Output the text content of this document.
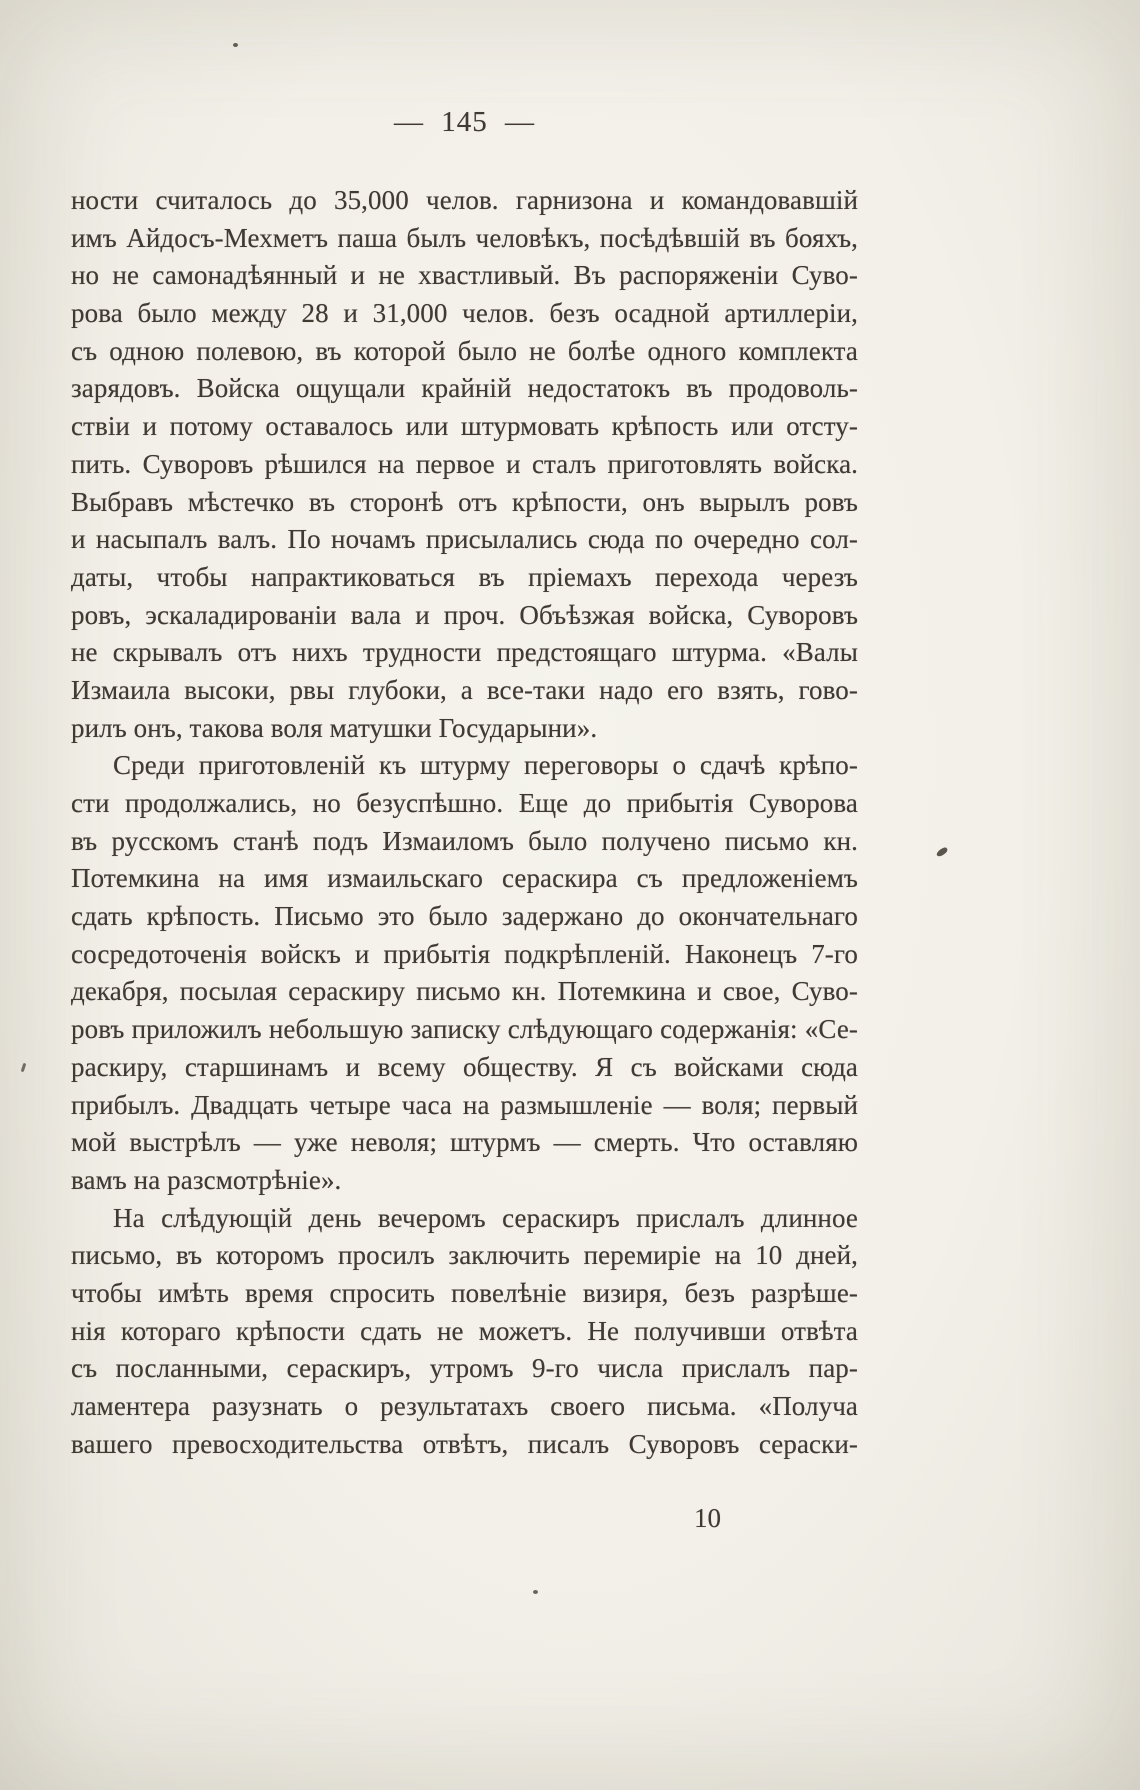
— 145 —
ности считалось до 35,000 челов. гарнизона и командовавшій
имъ Айдосъ-Мехметъ паша былъ человѣкъ, посѣдѣвшій въ бояхъ,
но не самонадѣянный и не хвастливый. Въ распоряженіи Суво-
рова было между 28 и 31,000 челов. безъ осадной артиллеріи,
съ одною полевою, въ которой было не болѣе одного комплекта
зарядовъ. Войска ощущали крайній недостатокъ въ продоволь-
ствіи и потому оставалось или штурмовать крѣпость или отсту-
пить. Суворовъ рѣшился на первое и сталъ приготовлять войска.
Выбравъ мѣстечко въ сторонѣ отъ крѣпости, онъ вырылъ ровъ
и насыпалъ валъ. По ночамъ присылались сюда по очередно сол-
даты, чтобы напрактиковаться въ пріемахъ перехода черезъ
ровъ, эскаладированіи вала и проч. Объѣзжая войска, Суворовъ
не скрывалъ отъ нихъ трудности предстоящаго штурма. «Валы
Измаила высоки, рвы глубоки, а все-таки надо его взять, гово-
рилъ онъ, такова воля матушки Государыни».
Среди приготовленій къ штурму переговоры о сдачѣ крѣпо-
сти продолжались, но безуспѣшно. Еще до прибытія Суворова
въ русскомъ станѣ подъ Измаиломъ было получено письмо кн.
Потемкина на имя измаильскаго сераскира съ предложеніемъ
сдать крѣпость. Письмо это было задержано до окончательнаго
сосредоточенія войскъ и прибытія подкрѣпленій. Наконецъ 7-го
декабря, посылая сераскиру письмо кн. Потемкина и свое, Суво-
ровъ приложилъ небольшую записку слѣдующаго содержанія: «Се-
раскиру, старшинамъ и всему обществу. Я съ войсками сюда
прибылъ. Двадцать четыре часа на размышленіе — воля; первый
мой выстрѣлъ — уже неволя; штурмъ — смерть. Что оставляю
вамъ на разсмотрѣніе».
На слѣдующій день вечеромъ сераскиръ прислалъ длинное
письмо, въ которомъ просилъ заключить перемиріе на 10 дней,
чтобы имѣть время спросить повелѣніе визиря, безъ разрѣше-
нія котораго крѣпости сдать не можетъ. Не получивши отвѣта
съ посланными, сераскиръ, утромъ 9-го числа прислалъ пар-
ламентера разузнать о результатахъ своего письма. «Получа
вашего превосходительства отвѣтъ, писалъ Суворовъ сераски-
10
